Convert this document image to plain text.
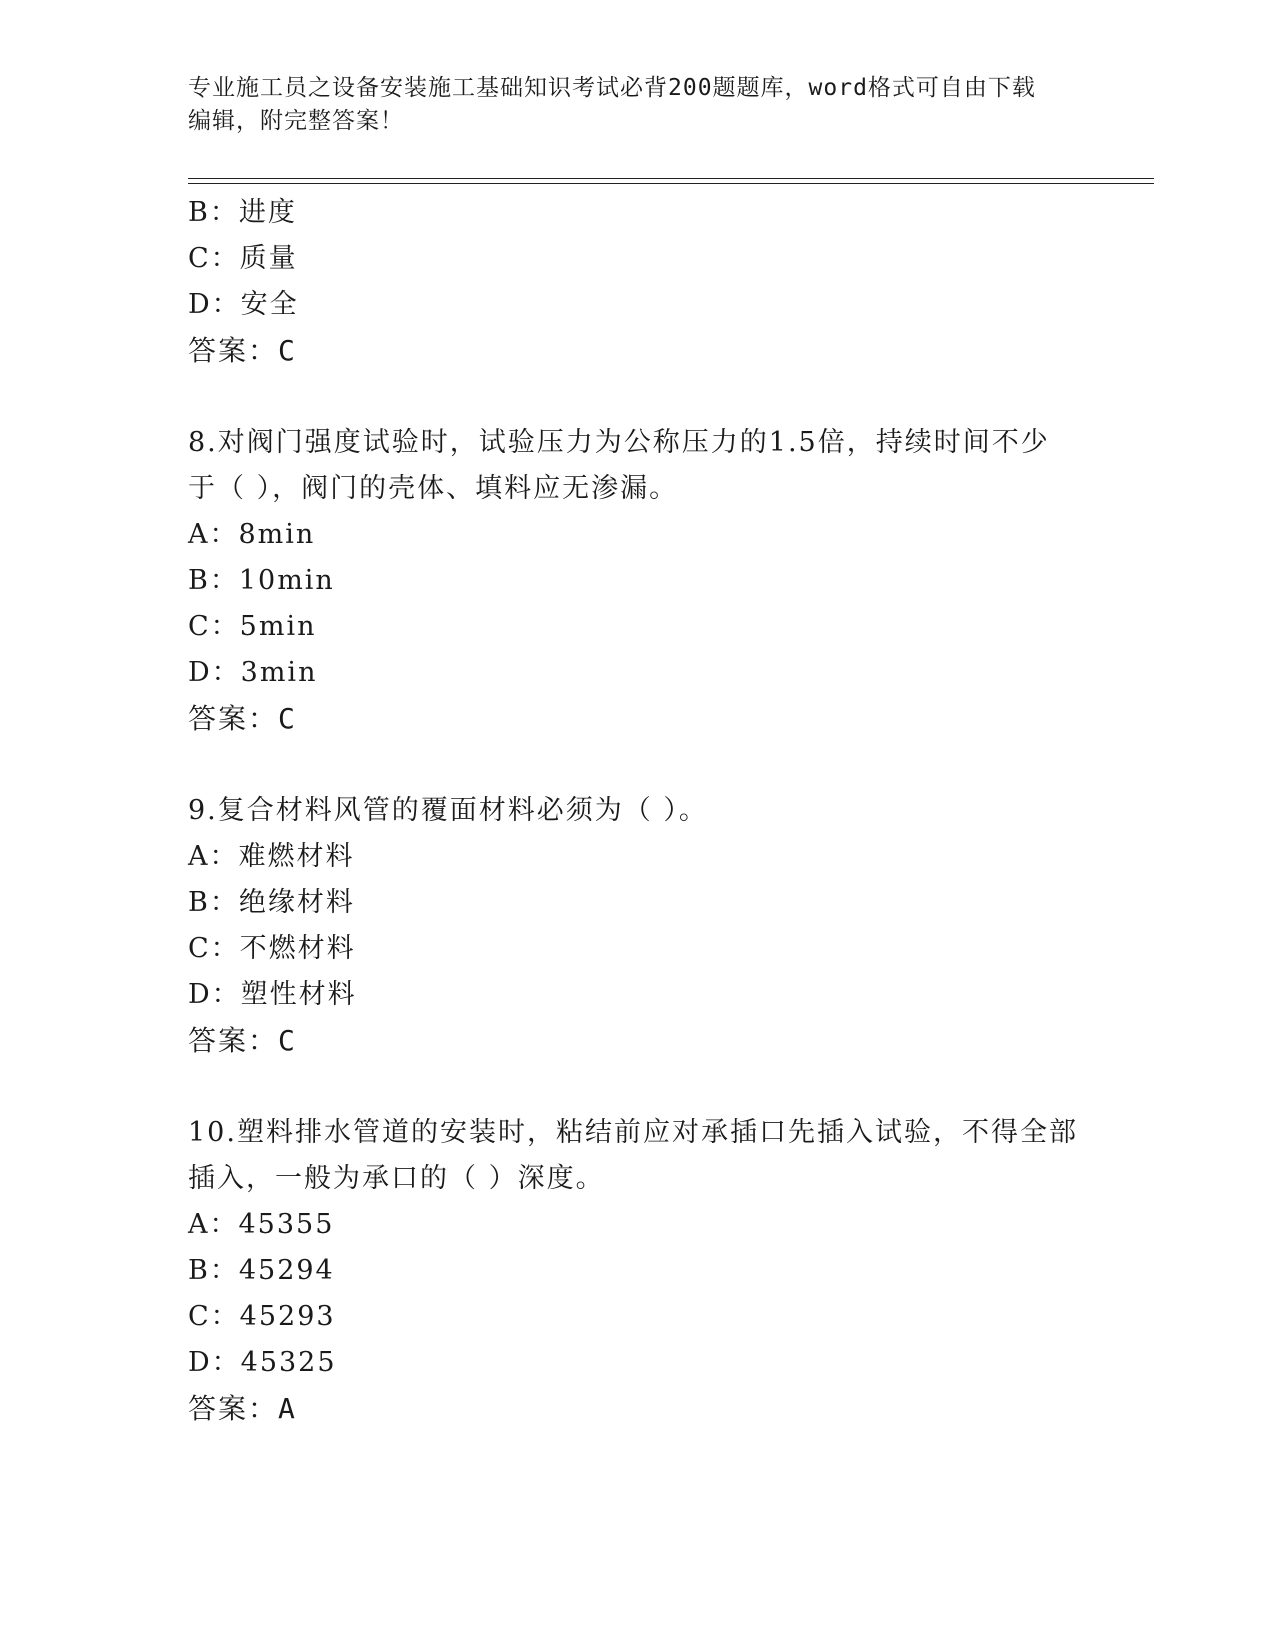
专业施工员之设备安装施工基础知识考试必背200题题库，word格式可自由下载
编辑，附完整答案！
B：进度
C：质量
D：安全
答案：C
8.对阀门强度试验时，试验压力为公称压力的1.5倍，持续时间不少
于（ ），阀门的壳体、填料应无渗漏。
A：8min
B：10min
C：5min
D：3min
答案：C
9.复合材料风管的覆面材料必须为（ ）。
A：难燃材料
B：绝缘材料
C：不燃材料
D：塑性材料
答案：C
10.塑料排水管道的安装时，粘结前应对承插口先插入试验，不得全部
插入，一般为承口的（ ）深度。
A：45355
B：45294
C：45293
D：45325
答案：A
